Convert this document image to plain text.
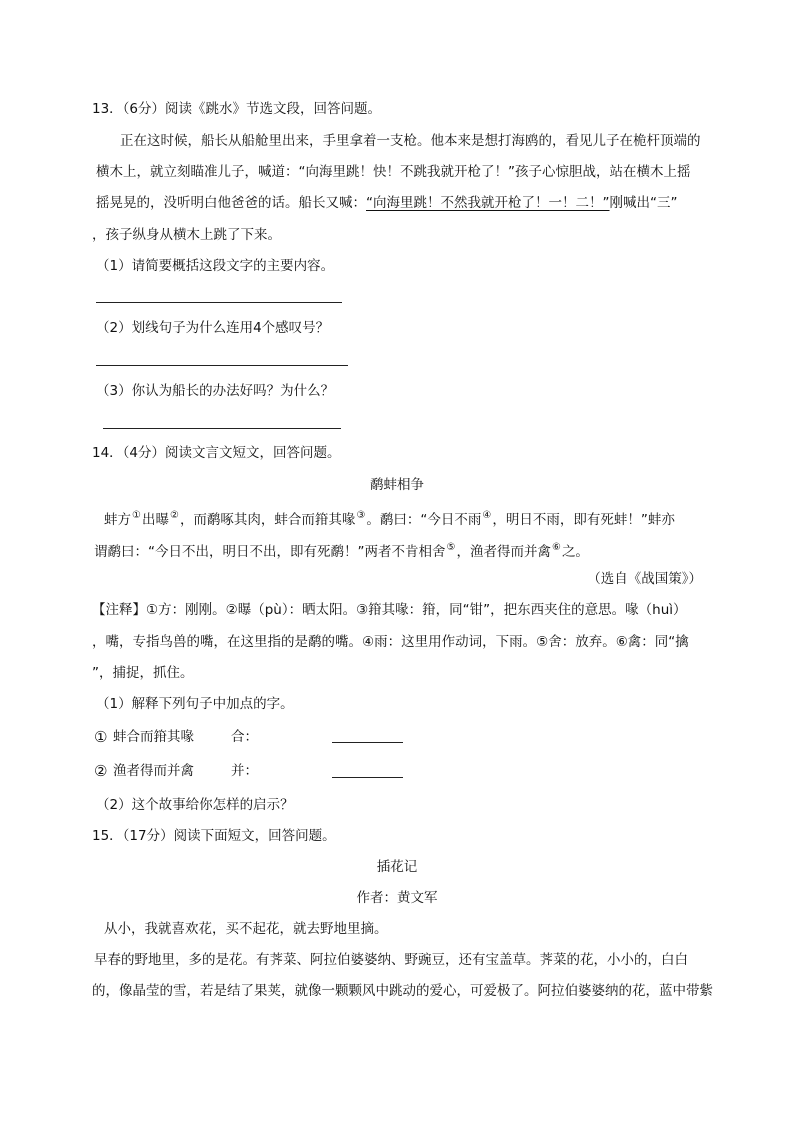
13．（6分）阅读《跳水》节选文段，回答问题。
正在这时候，船长从船舱里出来，手里拿着一支枪。他本来是想打海鸥的，看见儿子在桅杆顶端的
横木上，就立刻瞄准儿子，喊道：“向海里跳！快！不跳我就开枪了！”孩子心惊胆战，站在横木上摇
摇晃晃的，没听明白他爸爸的话。船长又喊：“向海里跳！不然我就开枪了！一！二！”刚喊出“三”
，孩子纵身从横木上跳了下来。
（1）请简要概括这段文字的主要内容。
（2）划线句子为什么连用4个感叹号？
（3）你认为船长的办法好吗？为什么？
14．（4分）阅读文言文短文，回答问题。
鹬蚌相争
蚌方①出曝②，而鹬啄其肉，蚌合而箝其喙③。鹬曰：“今日不雨④，明日不雨，即有死蚌！”蚌亦
谓鹬曰：“今日不出，明日不出，即有死鹬！”两者不肯相舍⑤，渔者得而并禽⑥之。
（选自《战国策》）
【注释】①方：刚刚。②曝（pù）：晒太阳。③箝其喙：箝，同“钳”，把东西夹住的意思。喙（huì）
，嘴，专指鸟兽的嘴，在这里指的是鹬的嘴。④雨：这里用作动词，下雨。⑤舍：放弃。⑥禽：同“擒
”，捕捉，抓住。
（1）解释下列句子中加点的字。
① 蚌合而箝其喙	合：
② 渔者得而并禽	并：
（2）这个故事给你怎样的启示？
15．（17分）阅读下面短文，回答问题。
插花记
作者：黄文军
从小，我就喜欢花，买不起花，就去野地里摘。
早春的野地里，多的是花。有荠菜、阿拉伯婆婆纳、野豌豆，还有宝盖草。荠菜的花，小小的，白白
的，像晶莹的雪，若是结了果荚，就像一颗颗风中跳动的爱心，可爱极了。阿拉伯婆婆纳的花，蓝中带紫
